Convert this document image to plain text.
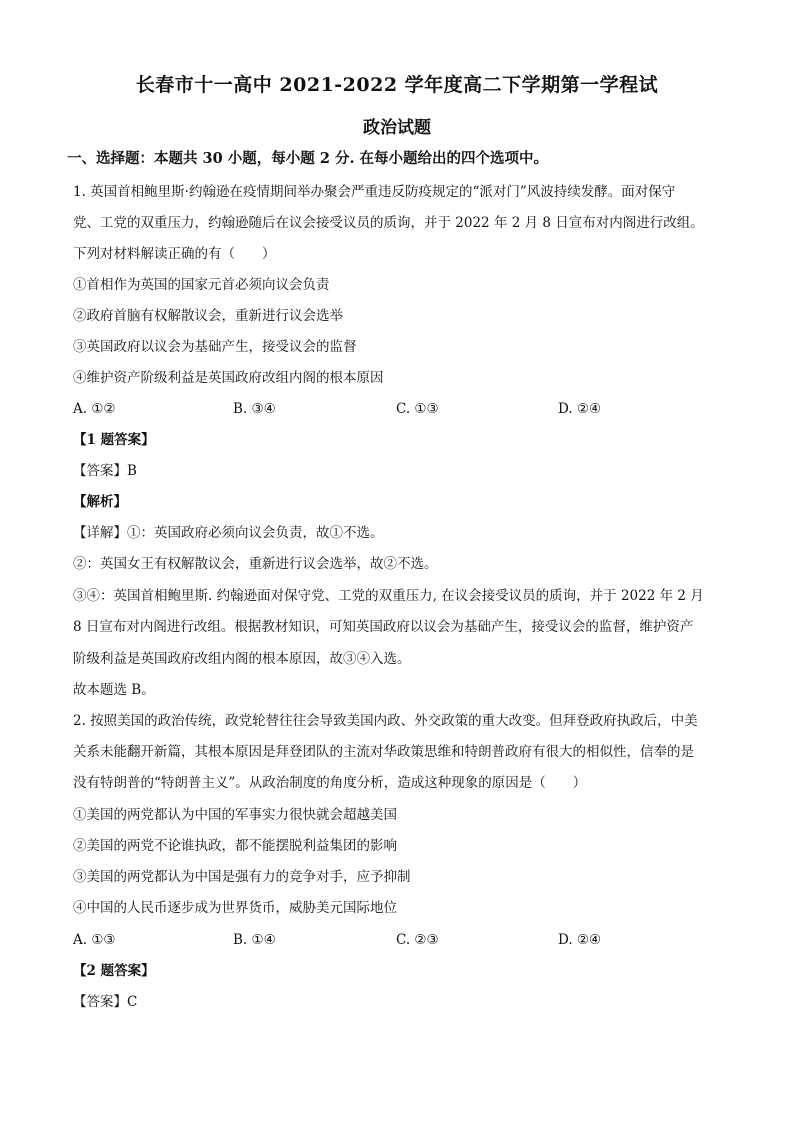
长春市十一高中 2021-2022 学年度高二下学期第一学程试
政治试题
一、选择题：本题共 30 小题，每小题 2 分. 在每小题给出的四个选项中。
1. 英国首相鲍里斯·约翰逊在疫情期间举办聚会严重违反防疫规定的“派对门”风波持续发酵。面对保守
党、工党的双重压力，约翰逊随后在议会接受议员的质询，并于 2022 年 2 月 8 日宣布对内阁进行改组。
下列对材料解读正确的有（　　）
①首相作为英国的国家元首必须向议会负责
②政府首脑有权解散议会，重新进行议会选举
③英国政府以议会为基础产生，接受议会的监督
④维护资产阶级利益是英国政府改组内阁的根本原因
A. ①②	B. ③④	C. ①③	D. ②④
【1 题答案】
【答案】B
【解析】
【详解】①：英国政府必须向议会负责，故①不选。
②：英国女王有权解散议会，重新进行议会选举，故②不选。
③④：英国首相鲍里斯. 约翰逊面对保守党、工党的双重压力, 在议会接受议员的质询，并于 2022 年 2 月
8 日宣布对内阁进行改组。根据教材知识，可知英国政府以议会为基础产生，接受议会的监督，维护资产
阶级利益是英国政府改组内阁的根本原因，故③④入选。
故本题选 B。
2. 按照美国的政治传统，政党轮替往往会导致美国内政、外交政策的重大改变。但拜登政府执政后，中美
关系未能翻开新篇，其根本原因是拜登团队的主流对华政策思维和特朗普政府有很大的相似性，信奉的是
没有特朗普的“特朗普主义”。从政治制度的角度分析，造成这种现象的原因是（　　）
①美国的两党都认为中国的军事实力很快就会超越美国
②美国的两党不论谁执政，都不能摆脱利益集团的影响
③美国的两党都认为中国是强有力的竞争对手，应予抑制
④中国的人民币逐步成为世界货币，威胁美元国际地位
A. ①③	B. ①④	C. ②③	D. ②④
【2 题答案】
【答案】C
